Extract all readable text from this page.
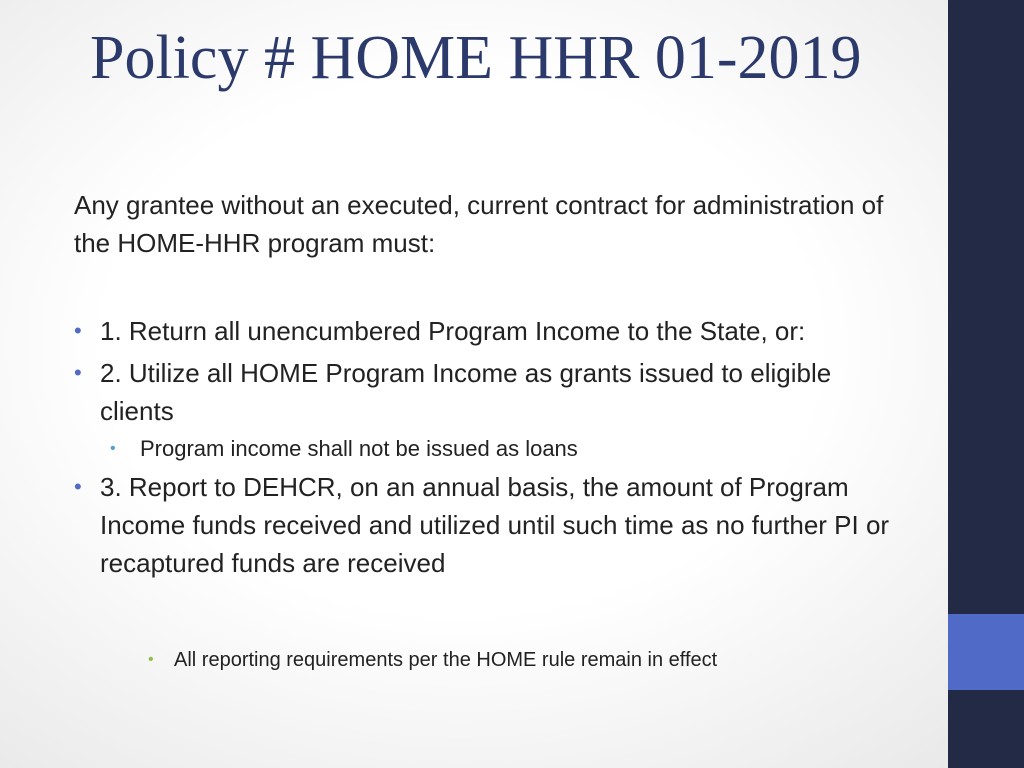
Policy # HOME HHR 01-2019
Any grantee without an executed, current contract for administration of the HOME-HHR program must:
• 1. Return all unencumbered Program Income to the State, or:
• 2. Utilize all HOME Program Income as grants issued to eligible clients
• Program income shall not be issued as loans
• 3. Report to DEHCR, on an annual basis, the amount of Program Income funds received and utilized until such time as no further PI or recaptured funds are received
• All reporting requirements per the HOME rule remain in effect
